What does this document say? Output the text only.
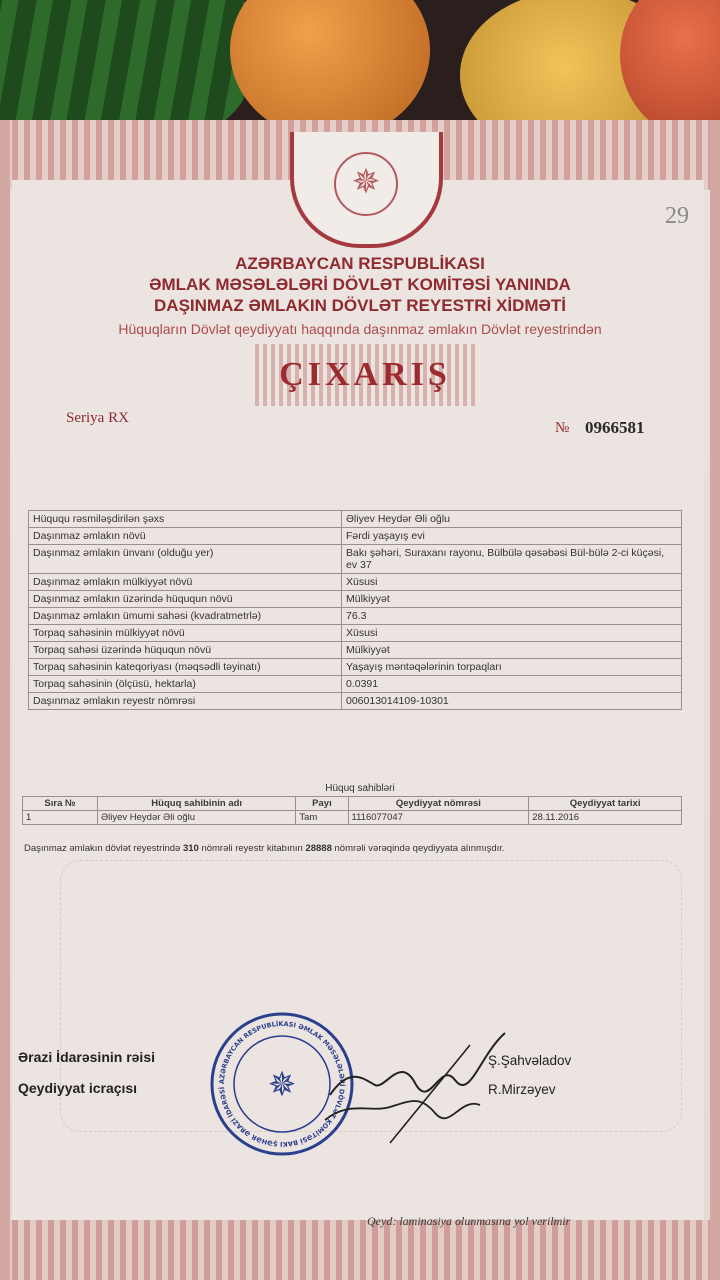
✵
29
AZƏRBAYCAN RESPUBLİKASI
ƏMLAK MƏSƏLƏLƏRİ DÖVLƏT KOMİTƏSİ YANINDA
DAŞINMAZ ƏMLAKIN DÖVLƏT REYESTRİ XİDMƏTİ
Hüquqların Dövlət qeydiyyatı haqqında daşınmaz əmlakın Dövlət reyestrindən
ÇIXARIŞ
Seriya RX
№ 0966581
Hüququ rəsmiləşdirilən şəxs	Əliyev Heydər Əli oğlu
Daşınmaz əmlakın növü	Fərdi yaşayış evi
Daşınmaz əmlakın ünvanı (olduğu yer)	Bakı şəhəri, Suraxanı rayonu, Bülbülə qəsəbəsi Bül-bülə 2-ci küçəsi, ev 37
Daşınmaz əmlakın mülkiyyət növü	Xüsusi
Daşınmaz əmlakın üzərində hüququn növü	Mülkiyyət
Daşınmaz əmlakın ümumi sahəsi (kvadratmetrlə)	76.3
Torpaq sahəsinin mülkiyyət növü	Xüsusi
Torpaq sahəsi üzərində hüququn növü	Mülkiyyət
Torpaq sahəsinin kateqoriyası (məqsədli təyinatı)	Yaşayış məntəqələrinin torpaqları
Torpaq sahəsinin (ölçüsü, hektarla)	0.0391
Daşınmaz əmlakın reyestr nömrəsi	006013014109-10301
Hüquq sahibləri
Sıra №	Hüquq sahibinin adı	Payı	Qeydiyyat nömrəsi	Qeydiyyat tarixi
1	Əliyev Heydər Əli oğlu	Tam	1116077047	28.11.2016
Daşınmaz əmlakın dövlət reyestrində 310 nömrəli reyestr kitabının 28888 nömrəli vərəqində qeydiyyata alınmışdır.
Ərazi İdarəsinin rəisi	Ş.Şahvəladov
Qeydiyyat icraçısı	R.Mirzəyev
AZƏRBAYCAN RESPUBLİKASI ƏMLAK MƏSƏLƏLƏRİ DÖVLƏT KOMİTƏSİ BAKI ŞƏHƏR ƏRAZİ İDARƏSİ	✵
Qeyd: laminasiya olunmasına yol verilmir
